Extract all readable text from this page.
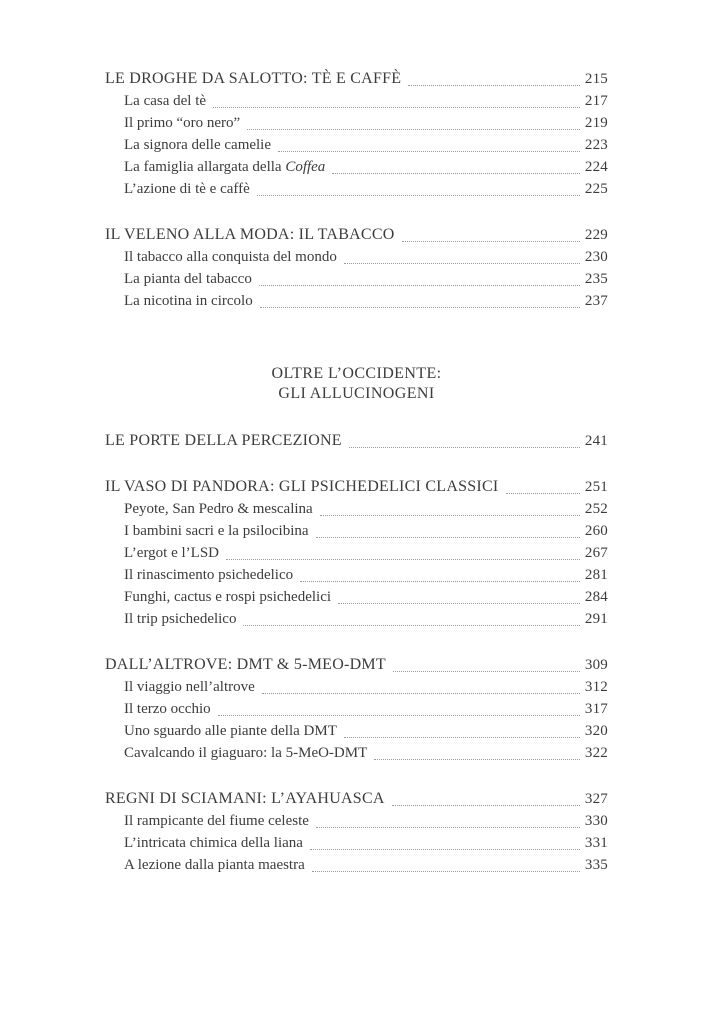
LE DROGHE DA SALOTTO: TÈ E CAFFÈ	215
La casa del tè	217
Il primo “oro nero”	219
La signora delle camelie	223
La famiglia allargata della Coffea	224
L’azione di tè e caffè	225
IL VELENO ALLA MODA: IL TABACCO	229
Il tabacco alla conquista del mondo	230
La pianta del tabacco	235
La nicotina in circolo	237
OLTRE L’OCCIDENTE:
GLI ALLUCINOGENI
LE PORTE DELLA PERCEZIONE	241
IL VASO DI PANDORA: GLI PSICHEDELICI CLASSICI	251
Peyote, San Pedro & mescalina	252
I bambini sacri e la psilocibina	260
L’ergot e l’LSD	267
Il rinascimento psichedelico	281
Funghi, cactus e rospi psichedelici	284
Il trip psichedelico	291
DALL’ALTROVE: DMT & 5-MEO-DMT	309
Il viaggio nell’altrove	312
Il terzo occhio	317
Uno sguardo alle piante della DMT	320
Cavalcando il giaguaro: la 5-MeO-DMT	322
REGNI DI SCIAMANI: L’AYAHUASCA	327
Il rampicante del fiume celeste	330
L’intricata chimica della liana	331
A lezione dalla pianta maestra	335
